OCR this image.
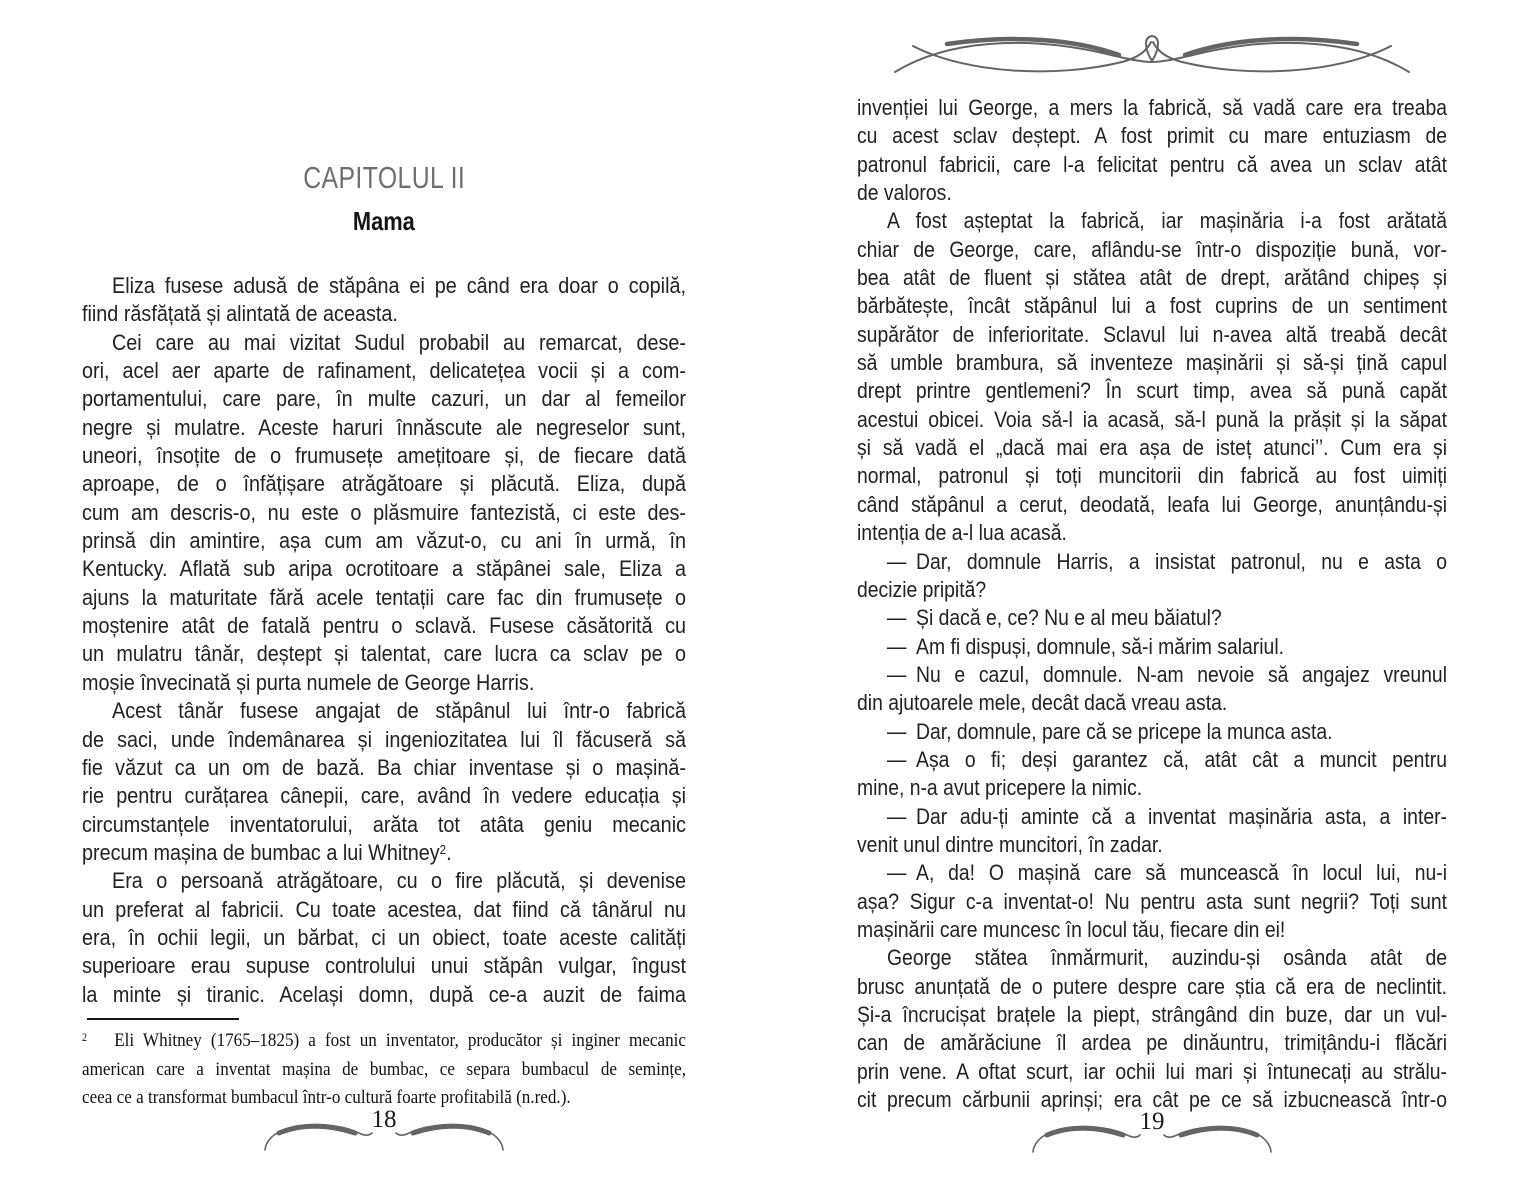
CAPITOLUL II
Mama
Eliza fusese adusă de stăpâna ei pe când era doar o copilă,
fiind răsfățată și alintată de aceasta.
Cei care au mai vizitat Sudul probabil au remarcat, dese-
ori, acel aer aparte de rafinament, delicatețea vocii și a com-
portamentului, care pare, în multe cazuri, un dar al femeilor
negre și mulatre. Aceste haruri înnăscute ale negreselor sunt,
uneori, însoțite de o frumusețe amețitoare și, de fiecare dată
aproape, de o înfățișare atrăgătoare și plăcută. Eliza, după
cum am descris-o, nu este o plăsmuire fantezistă, ci este des-
prinsă din amintire, așa cum am văzut-o, cu ani în urmă, în
Kentucky. Aflată sub aripa ocrotitoare a stăpânei sale, Eliza a
ajuns la maturitate fără acele tentații care fac din frumusețe o
moștenire atât de fatală pentru o sclavă. Fusese căsătorită cu
un mulatru tânăr, deștept și talentat, care lucra ca sclav pe o
moșie învecinată și purta numele de George Harris.
Acest tânăr fusese angajat de stăpânul lui într-o fabrică
de saci, unde îndemânarea și ingeniozitatea lui îl făcuseră să
fie văzut ca un om de bază. Ba chiar inventase și o mașină-
rie pentru curățarea cânepii, care, având în vedere educația și
circumstanțele inventatorului, arăta tot atâta geniu mecanic
precum mașina de bumbac a lui Whitney$^2$.
Era o persoană atrăgătoare, cu o fire plăcută, și devenise
un preferat al fabricii. Cu toate acestea, dat fiind că tânărul nu
era, în ochii legii, un bărbat, ci un obiect, toate aceste calități
superioare erau supuse controlului unui stăpân vulgar, îngust
la minte și tiranic. Același domn, după ce-a auzit de faima
$^2$   Eli Whitney (1765–1825) a fost un inventator, producător și inginer mecanic
american care a inventat mașina de bumbac, ce separa bumbacul de semințe,
ceea ce a transformat bumbacul într-o cultură foarte profitabilă (n.red.).
invenției lui George, a mers la fabrică, să vadă care era treaba
cu acest sclav deștept. A fost primit cu mare entuziasm de
patronul fabricii, care l-a felicitat pentru că avea un sclav atât
de valoros.
A fost așteptat la fabrică, iar mașinăria i-a fost arătată
chiar de George, care, aflându-se într-o dispoziție bună, vor-
bea atât de fluent și stătea atât de drept, arătând chipeș și
bărbătește, încât stăpânul lui a fost cuprins de un sentiment
supărător de inferioritate. Sclavul lui n-avea altă treabă decât
să umble brambura, să inventeze mașinării și să-și țină capul
drept printre gentlemeni? În scurt timp, avea să pună capăt
acestui obicei. Voia să-l ia acasă, să-l pună la prășit și la săpat
și să vadă el „dacă mai era așa de isteț atunci’’. Cum era și
normal, patronul și toți muncitorii din fabrică au fost uimiți
când stăpânul a cerut, deodată, leafa lui George, anunțându-și
intenția de a-l lua acasă.
— Dar, domnule Harris, a insistat patronul, nu e asta o
decizie pripită?
— Și dacă e, ce? Nu e al meu băiatul?
— Am fi dispuși, domnule, să-i mărim salariul.
— Nu e cazul, domnule. N-am nevoie să angajez vreunul
din ajutoarele mele, decât dacă vreau asta.
— Dar, domnule, pare că se pricepe la munca asta.
— Așa o fi; deși garantez că, atât cât a muncit pentru
mine, n-a avut pricepere la nimic.
— Dar adu-ți aminte că a inventat mașinăria asta, a inter-
venit unul dintre muncitori, în zadar.
— A, da! O mașină care să muncească în locul lui, nu-i
așa? Sigur c-a inventat-o! Nu pentru asta sunt negrii? Toți sunt
mașinării care muncesc în locul tău, fiecare din ei!
George stătea înmărmurit, auzindu-și osânda atât de
brusc anunțată de o putere despre care știa că era de neclintit.
Și-a încrucișat brațele la piept, strângând din buze, dar un vul-
can de amărăciune îl ardea pe dinăuntru, trimițându-i flăcări
prin vene. A oftat scurt, iar ochii lui mari și întunecați au strălu-
cit precum cărbunii aprinși; era cât pe ce să izbucnească într-o
18	19
